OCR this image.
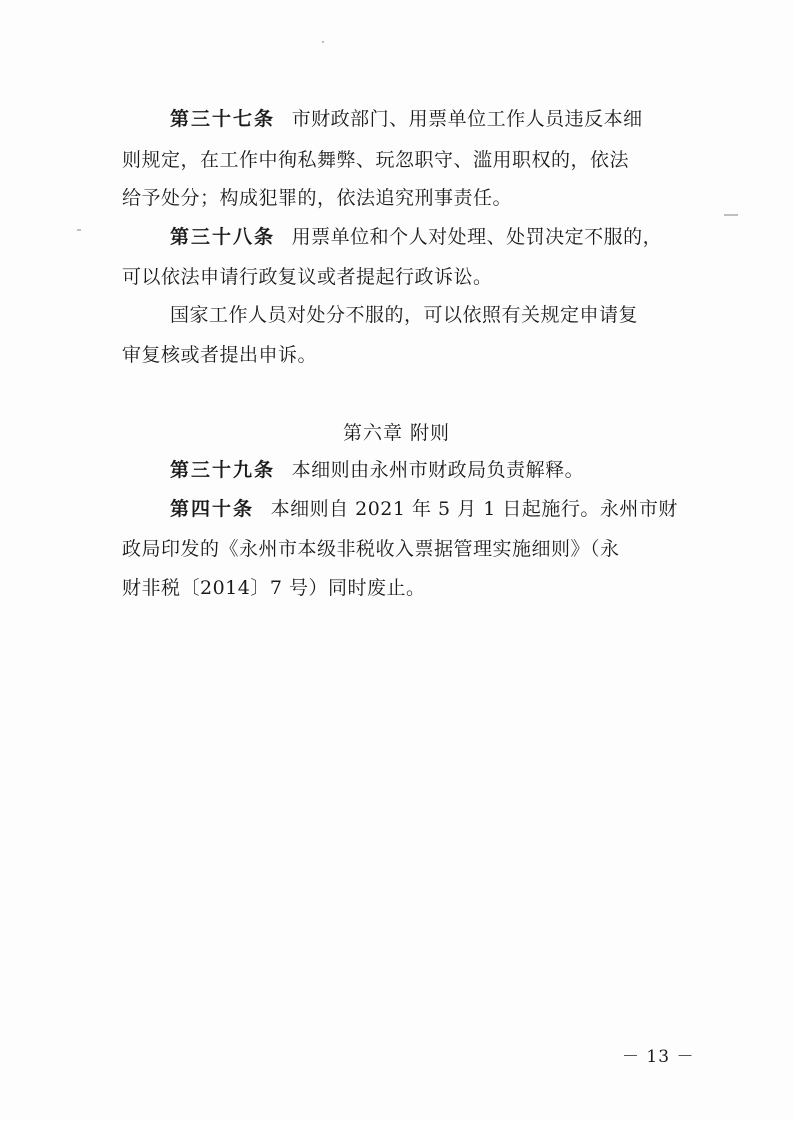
第三十七条 市财政部门、用票单位工作人员违反本细
则规定，在工作中徇私舞弊、玩忽职守、滥用职权的，依法
给予处分；构成犯罪的，依法追究刑事责任。
第三十八条 用票单位和个人对处理、处罚决定不服的，
可以依法申请行政复议或者提起行政诉讼。
国家工作人员对处分不服的，可以依照有关规定申请复
审复核或者提出申诉。
第六章 附则
第三十九条 本细则由永州市财政局负责解释。
第四十条 本细则自 2021 年 5 月 1 日起施行。永州市财
政局印发的《永州市本级非税收入票据管理实施细则》（永
财非税〔2014〕7 号）同时废止。
－ 13 －
